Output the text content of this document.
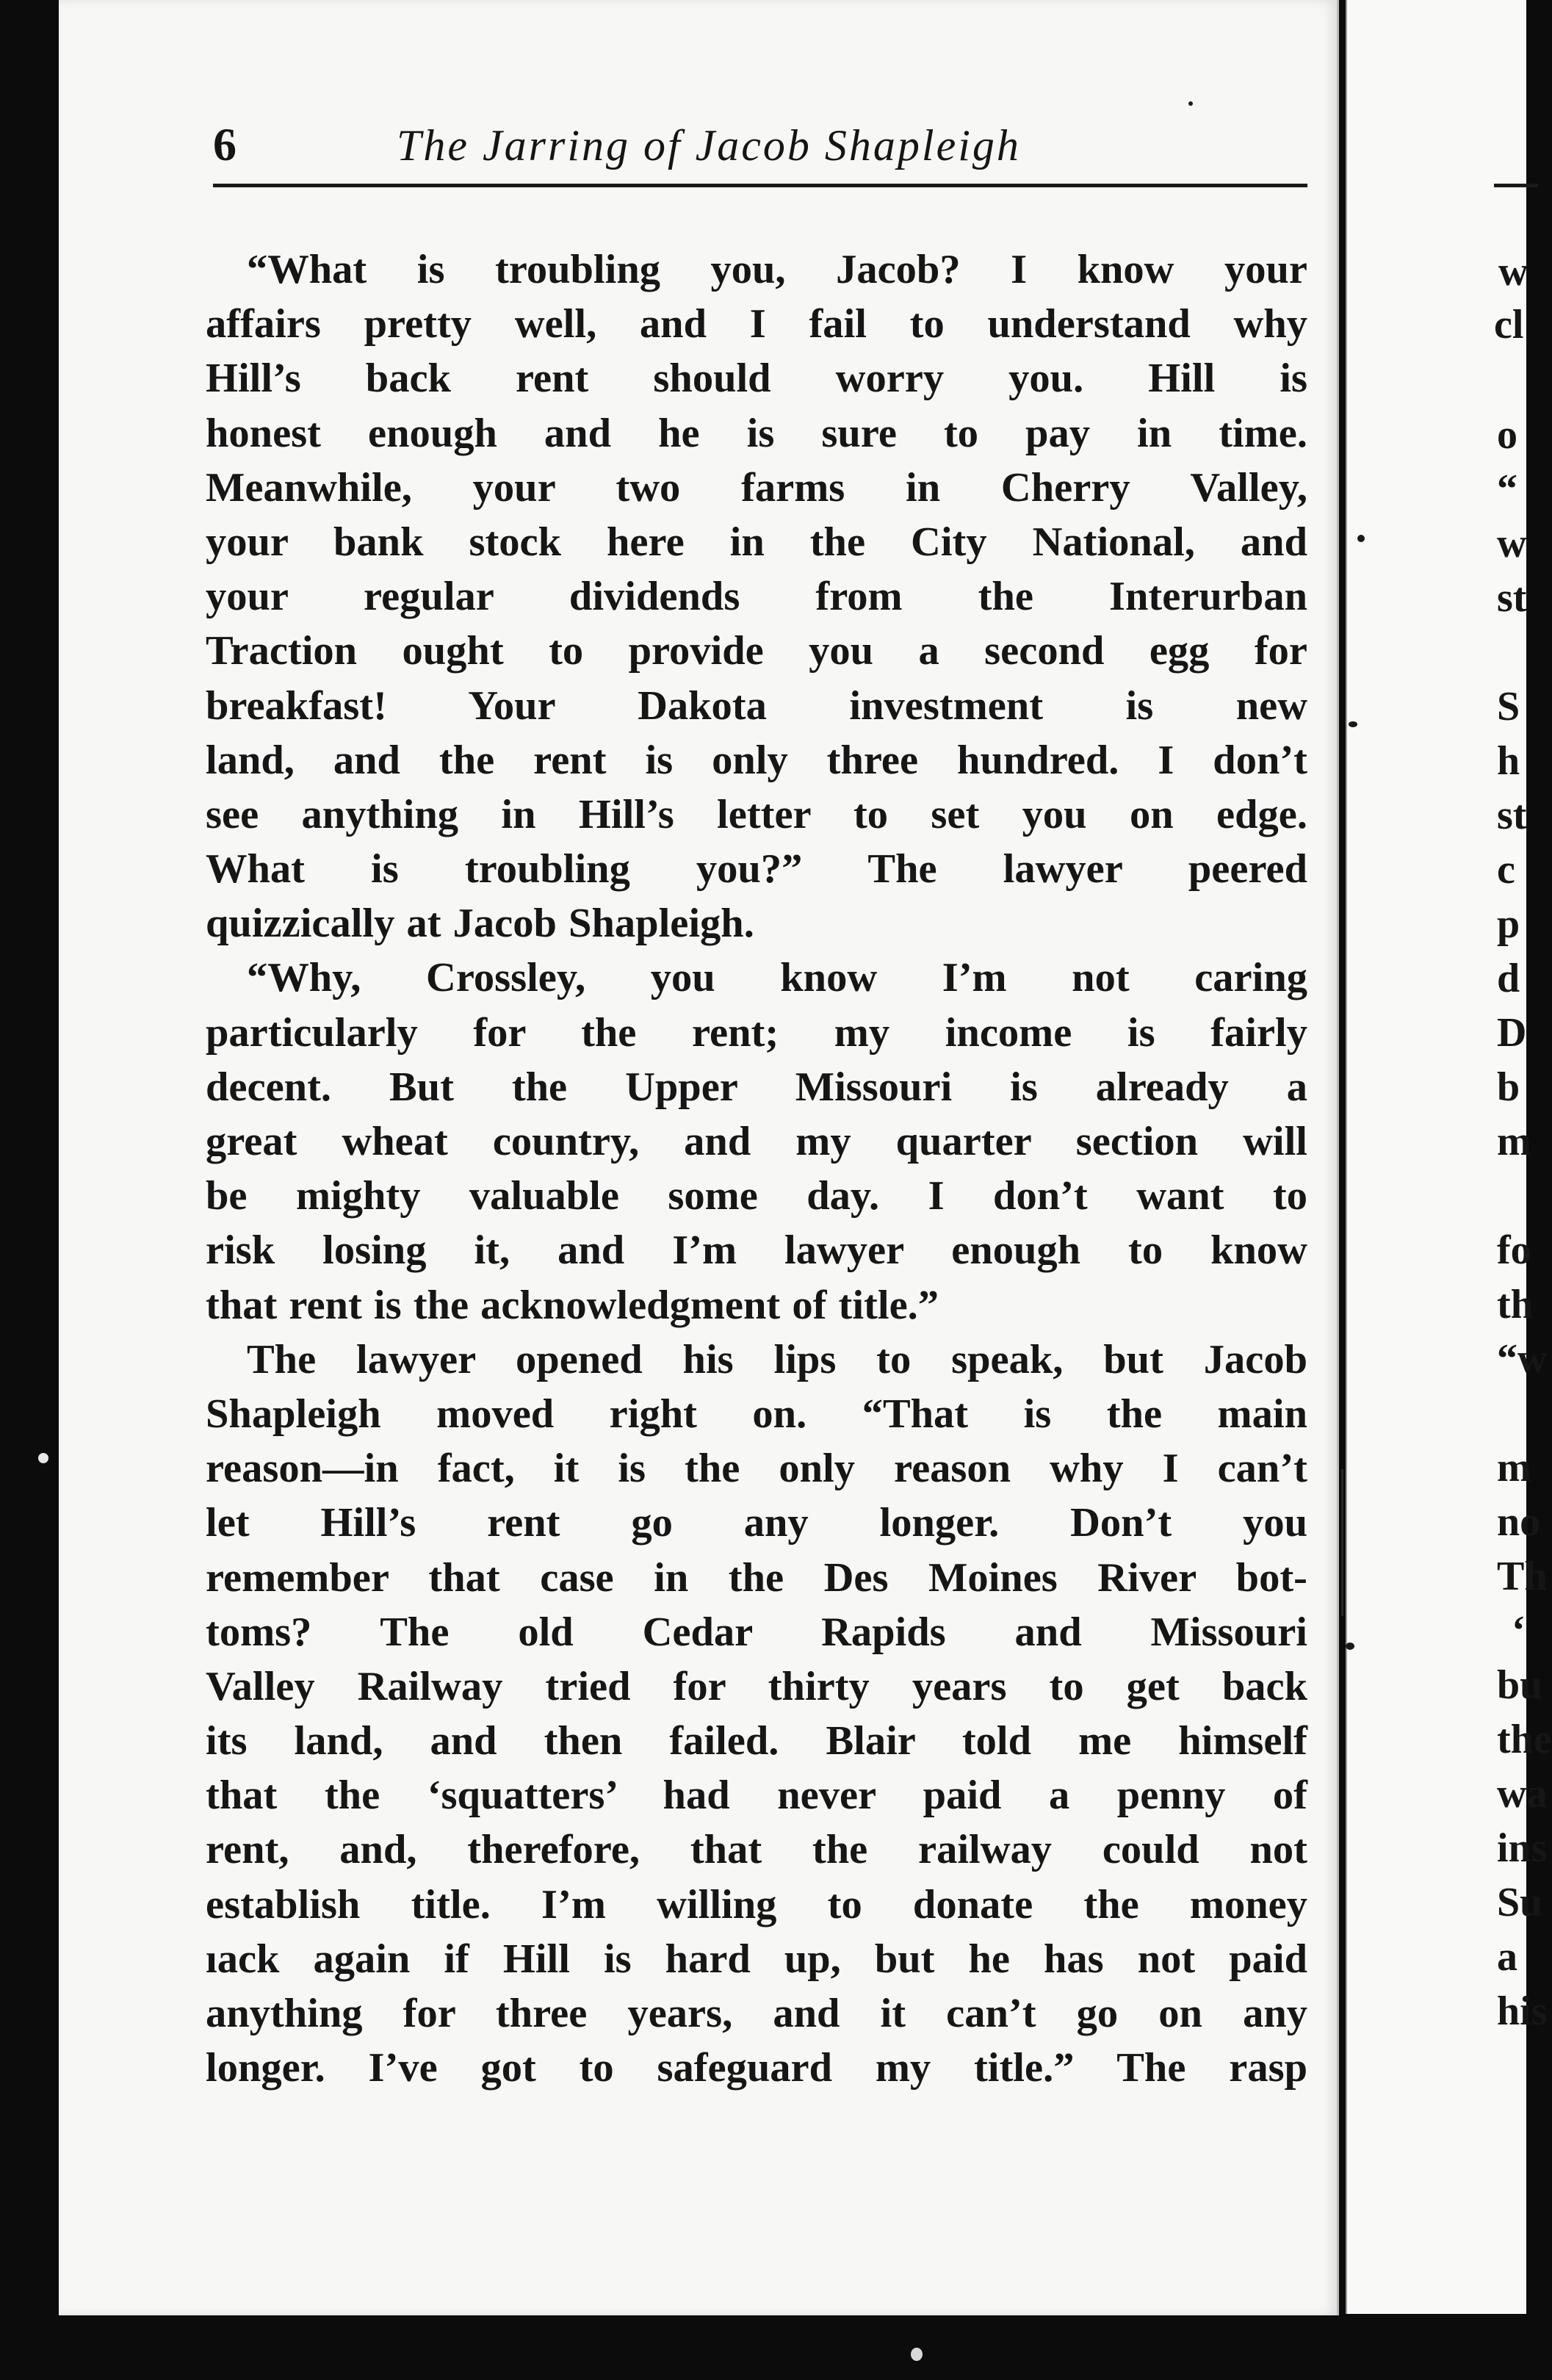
6	The Jarring of Jacob Shapleigh
“What is troubling you, Jacob? I know your
affairs pretty well, and I fail to understand why
Hill’s back rent should worry you. Hill is
honest enough and he is sure to pay in time.
Meanwhile, your two farms in Cherry Valley,
your bank stock here in the City National, and
your regular dividends from the Interurban
Traction ought to provide you a second egg for
breakfast! Your Dakota investment is new
land, and the rent is only three hundred. I don’t
see anything in Hill’s letter to set you on edge.
What is troubling you?” The lawyer peered
quizzically at Jacob Shapleigh.
“Why, Crossley, you know I’m not caring
particularly for the rent; my income is fairly
decent. But the Upper Missouri is already a
great wheat country, and my quarter section will
be mighty valuable some day. I don’t want to
risk losing it, and I’m lawyer enough to know
that rent is the acknowledgment of title.”
The lawyer opened his lips to speak, but Jacob
Shapleigh moved right on. “That is the main
reason—in fact, it is the only reason why I can’t
let Hill’s rent go any longer. Don’t you
remember that case in the Des Moines River bot-
toms? The old Cedar Rapids and Missouri
Valley Railway tried for thirty years to get back
its land, and then failed. Blair told me himself
that the ‘squatters’ had never paid a penny of
rent, and, therefore, that the railway could not
establish title. I’m willing to donate the money
ıack again if Hill is hard up, but he has not paid
anything for three years, and it can’t go on any
longer. I’ve got to safeguard my title.” The rasp
w
cl
o
“
w
st
S
h
st
c
p
d
D
b
m
fo
th
“w
m
no
Th
‘
bu
the
wa
ins
Su
a
his
